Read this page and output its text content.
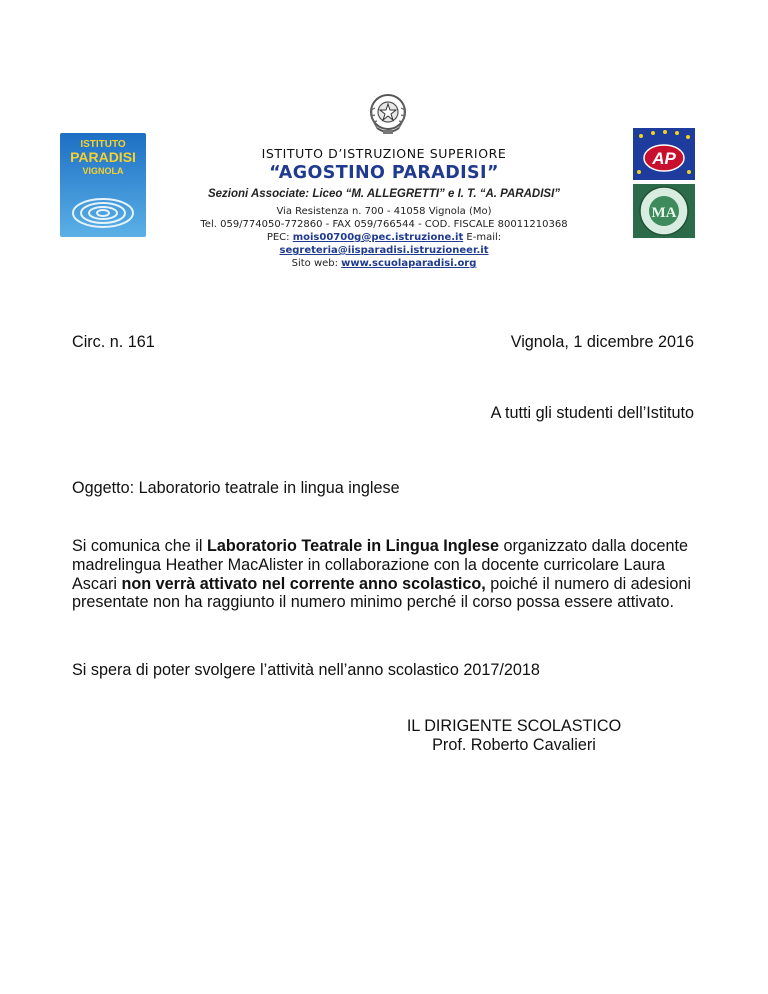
ISTITUTO
PARADISI
VIGNOLA
AP
MA
ISTITUTO D’ISTRUZIONE SUPERIORE
“AGOSTINO PARADISI”
Sezioni Associate: Liceo “M. ALLEGRETTI” e I. T. “A. PARADISI”
Via Resistenza n. 700 - 41058 Vignola (Mo)
Tel. 059/774050-772860 - FAX 059/766544 - COD. FISCALE 80011210368
PEC: mois00700g@pec.istruzione.it E-mail:
segreteria@iisparadisi.istruzioneer.it
Sito web: www.scuolaparadisi.org
Circ. n. 161	Vignola, 1 dicembre 2016
A tutti gli studenti dell’Istituto
Oggetto: Laboratorio teatrale in lingua inglese
Si comunica che il Laboratorio Teatrale in Lingua Inglese organizzato dalla docente madrelingua Heather MacAlister in collaborazione con la docente curricolare Laura Ascari non verrà attivato nel corrente anno scolastico, poiché il numero di adesioni presentate non ha raggiunto il numero minimo perché il corso possa essere attivato.
Si spera di poter svolgere l’attività nell’anno scolastico 2017/2018
IL DIRIGENTE SCOLASTICO
Prof. Roberto Cavalieri
